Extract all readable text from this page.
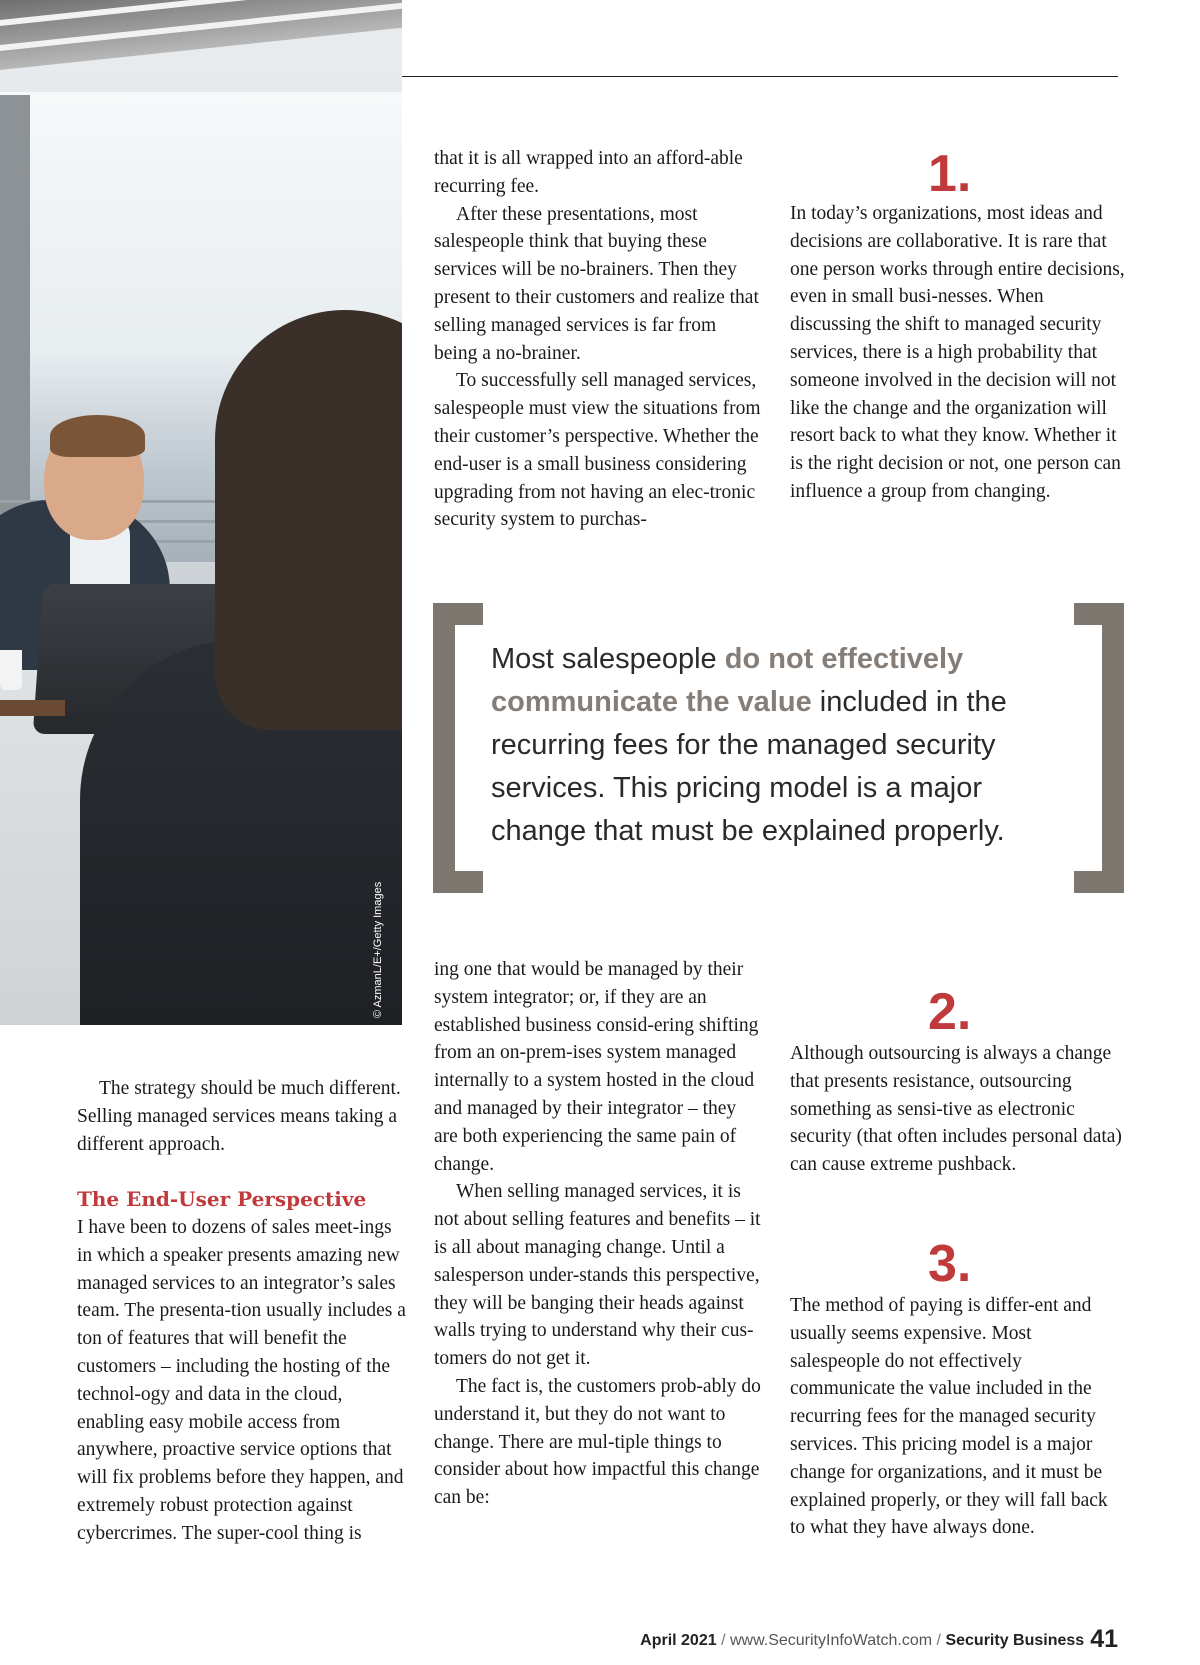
© AzmanL/E+/Getty Images

that it is all wrapped into an afford-able recurring fee.

After these presentations, most salespeople think that buying these services will be no-brainers. Then they present to their customers and realize that selling managed services is far from being a no-brainer.

To successfully sell managed services, salespeople must view the situations from their customer’s perspective. Whether the end-user is a small business considering upgrading from not having an elec-tronic security system to purchas-

1.

In today’s organizations, most ideas and decisions are collaborative. It is rare that one person works through entire decisions, even in small busi-nesses. When discussing the shift to managed security services, there is a high probability that someone involved in the decision will not like the change and the organization will resort back to what they know. Whether it is the right decision or not, one person can influence a group from changing.

Most salespeople do not effectively communicate the value included in the recurring fees for the managed security services. This pricing model is a major change that must be explained properly.

The strategy should be much different. Selling managed services means taking a different approach.

The End-User Perspective

I have been to dozens of sales meet-ings in which a speaker presents amazing new managed services to an integrator’s sales team. The presenta-tion usually includes a ton of features that will benefit the customers – including the hosting of the technol-ogy and data in the cloud, enabling easy mobile access from anywhere, proactive service options that will fix problems before they happen, and extremely robust protection against cybercrimes. The super-cool thing is

ing one that would be managed by their system integrator; or, if they are an established business consid-ering shifting from an on-prem-ises system managed internally to a system hosted in the cloud and managed by their integrator – they are both experiencing the same pain of change.

When selling managed services, it is not about selling features and benefits – it is all about managing change. Until a salesperson under-stands this perspective, they will be banging their heads against walls trying to understand why their cus-tomers do not get it.

The fact is, the customers prob-ably do understand it, but they do not want to change. There are mul-tiple things to consider about how impactful this change can be:

2.

Although outsourcing is always a change that presents resistance, outsourcing something as sensi-tive as electronic security (that often includes personal data) can cause extreme pushback.

3.

The method of paying is differ-ent and usually seems expensive. Most salespeople do not effectively communicate the value included in the recurring fees for the managed security services. This pricing model is a major change for organizations, and it must be explained properly, or they will fall back to what they have always done.

April 2021 / www.SecurityInfoWatch.com / Security Business 41
